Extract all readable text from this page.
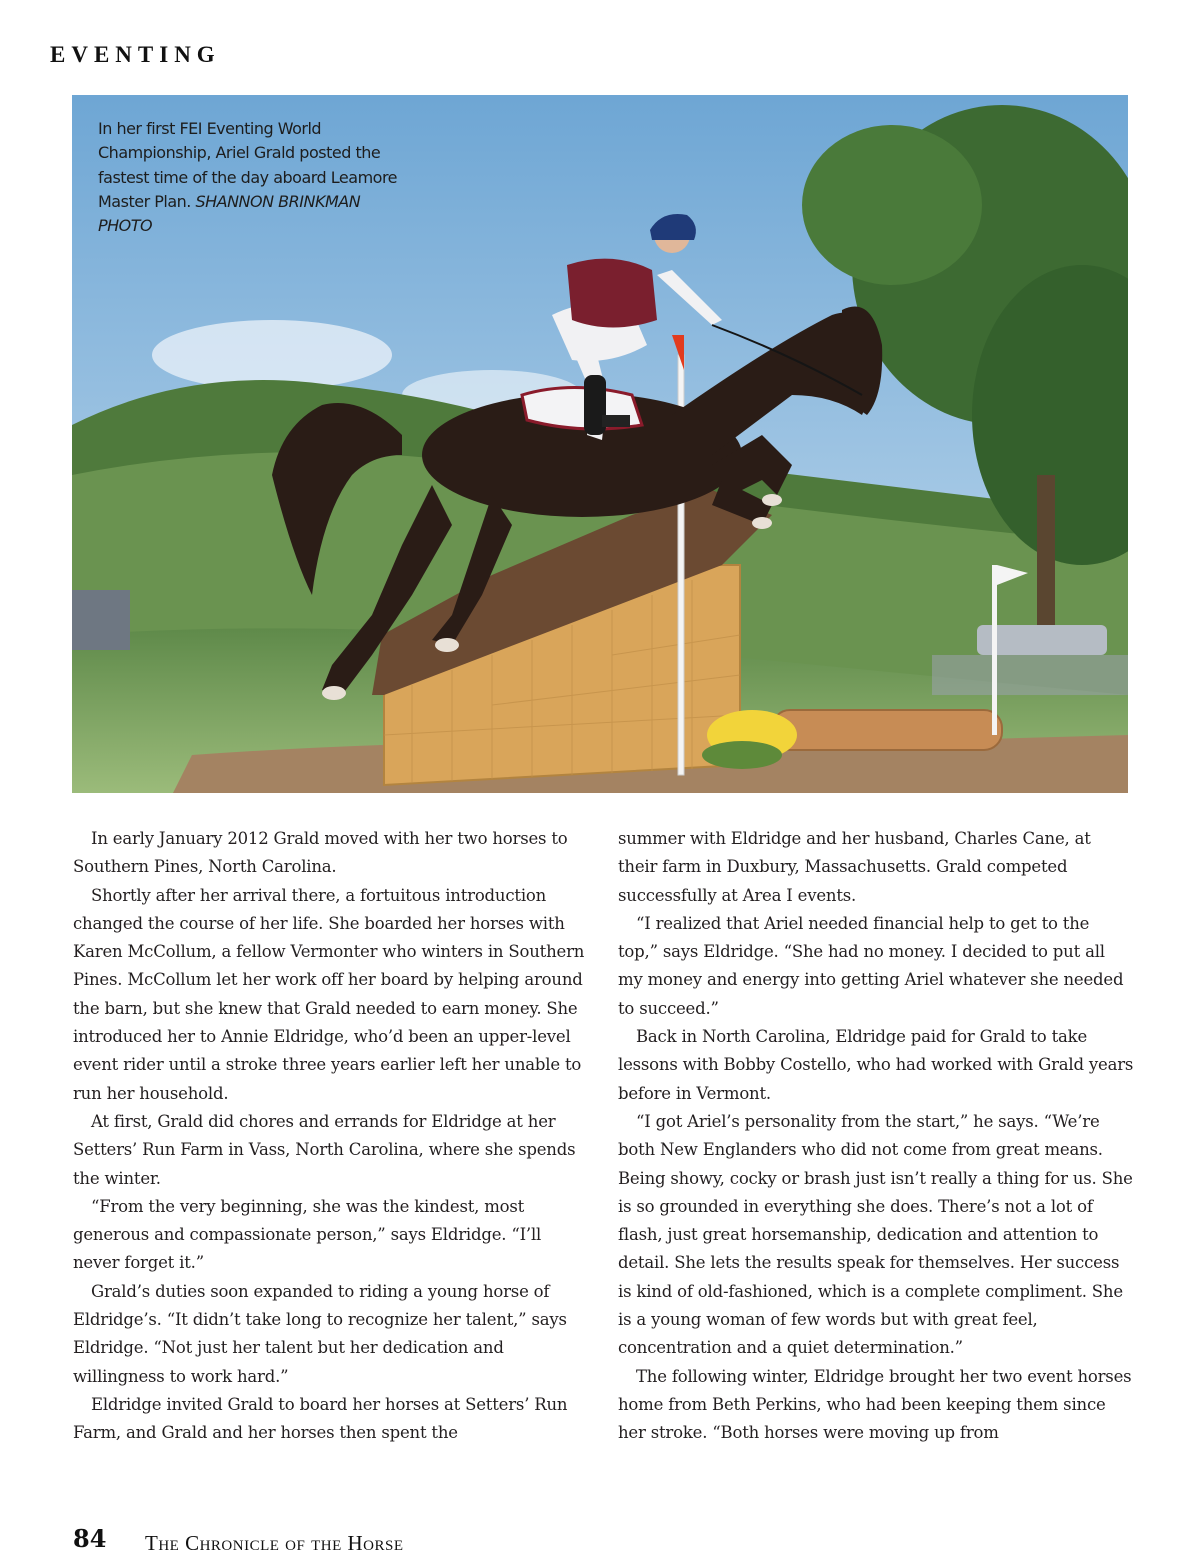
EVENTING
In her first FEI Eventing World Championship, Ariel Grald posted the fastest time of the day aboard Leamore Master Plan. SHANNON BRINKMAN PHOTO

In early January 2012 Grald moved with her two horses to Southern Pines, North Carolina.

Shortly after her arrival there, a fortuitous introduction changed the course of her life. She boarded her horses with Karen McCollum, a fellow Vermonter who winters in Southern Pines. McCollum let her work off her board by helping around the barn, but she knew that Grald needed to earn money. She introduced her to Annie Eldridge, who’d been an upper-level event rider until a stroke three years earlier left her unable to run her household.

At first, Grald did chores and errands for Eldridge at her Setters’ Run Farm in Vass, North Carolina, where she spends the winter.

“From the very beginning, she was the kindest, most generous and compassionate person,” says Eldridge. “I’ll never forget it.”

Grald’s duties soon expanded to riding a young horse of Eldridge’s. “It didn’t take long to recognize her talent,” says Eldridge. “Not just her talent but her dedication and willingness to work hard.”

Eldridge invited Grald to board her horses at Setters’ Run Farm, and Grald and her horses then spent the

summer with Eldridge and her husband, Charles Cane, at their farm in Duxbury, Massachusetts. Grald competed successfully at Area I events.

“I realized that Ariel needed financial help to get to the top,” says Eldridge. “She had no money. I decided to put all my money and energy into getting Ariel whatever she needed to succeed.”

Back in North Carolina, Eldridge paid for Grald to take lessons with Bobby Costello, who had worked with Grald years before in Vermont.

“I got Ariel’s personality from the start,” he says. “We’re both New Englanders who did not come from great means. Being showy, cocky or brash just isn’t really a thing for us. She is so grounded in everything she does. There’s not a lot of flash, just great horsemanship, dedication and attention to detail. She lets the results speak for themselves. Her success is kind of old-fashioned, which is a complete compliment. She is a young woman of few words but with great feel, concentration and a quiet determination.”

The following winter, Eldridge brought her two event horses home from Beth Perkins, who had been keeping them since her stroke. “Both horses were moving up from

84 The Chronicle of the Horse
